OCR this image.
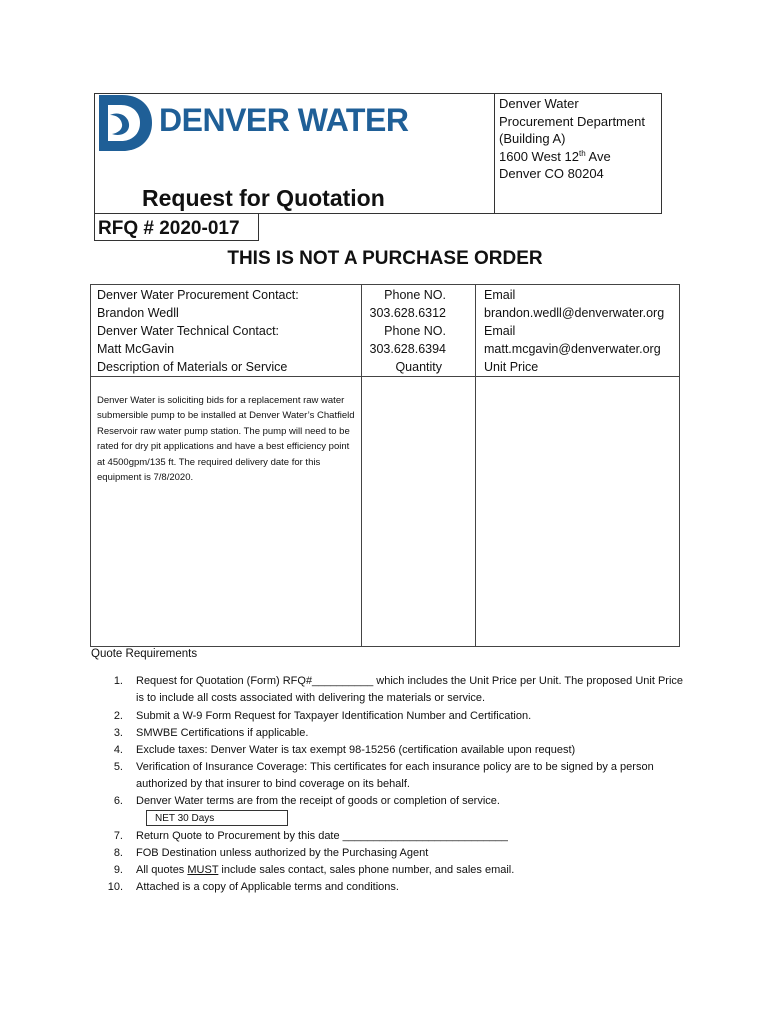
DENVER WATER	Denver Water
Procurement Department
(Building A)
1600 West 12th Ave
Denver CO 80204
Request for Quotation
RFQ # 2020-017
THIS IS NOT A PURCHASE ORDER
Denver Water Procurement Contact:	Phone NO.	Email
Brandon Wedll	303.628.6312	brandon.wedll@denverwater.org
Denver Water Technical Contact:	Phone NO.	Email
Matt McGavin	303.628.6394	matt.mcgavin@denverwater.org
Description of Materials or Service	Quantity	Unit Price
Denver Water is soliciting bids for a replacement raw water submersible pump to be installed at Denver Water’s Chatfield Reservoir raw water pump station. The pump will need to be rated for dry pit applications and have a best efficiency point at 4500gpm/135 ft. The required delivery date for this equipment is 7/8/2020.
Quote Requirements
1. Request for Quotation (Form) RFQ#__________ which includes the Unit Price per Unit. The proposed Unit Price is to include all costs associated with delivering the materials or service.
2. Submit a W-9 Form Request for Taxpayer Identification Number and Certification.
3. SMWBE Certifications if applicable.
4. Exclude taxes: Denver Water is tax exempt 98-15256 (certification available upon request)
5. Verification of Insurance Coverage: This certificates for each insurance policy are to be signed by a person authorized by that insurer to bind coverage on its behalf.
6. Denver Water terms are from the receipt of goods or completion of service.
NET 30 Days
7. Return Quote to Procurement by this date ___________________________
8. FOB Destination unless authorized by the Purchasing Agent
9. All quotes MUST include sales contact, sales phone number, and sales email.
10. Attached is a copy of Applicable terms and conditions.
